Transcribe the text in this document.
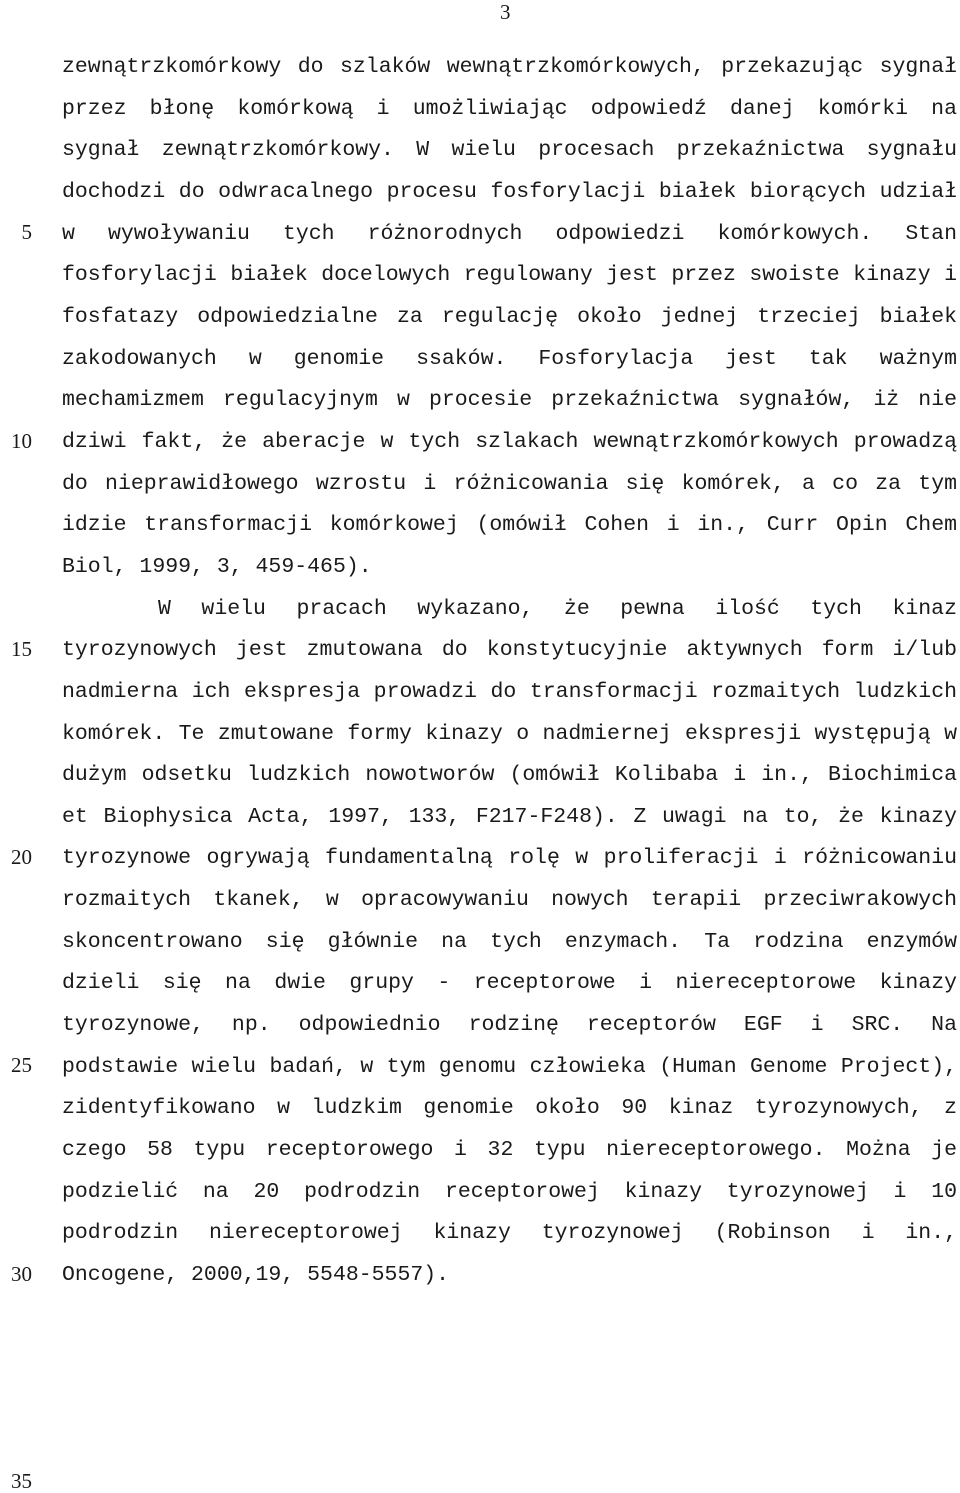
3
5
10
15
20
25
30
35

zewnątrzkomórkowy do szlaków wewnątrzkomórkowych, przekazując sygnał przez błonę komórkową i umożliwiając odpowiedź danej komórki na sygnał zewnątrzkomórkowy. W wielu procesach przekaźnictwa sygnału dochodzi do odwracalnego procesu fosforylacji białek biorących udział w wywoływaniu tych różnorodnych odpowiedzi komórkowych. Stan fosforylacji białek docelowych regulowany jest przez swoiste kinazy i fosfatazy odpowiedzialne za regulację około jednej trzeciej białek zakodowanych w genomie ssaków. Fosforylacja jest tak ważnym mechamizmem regulacyjnym w procesie przekaźnictwa sygnałów, iż nie dziwi fakt, że aberacje w tych szlakach wewnątrzkomórkowych prowadzą do nieprawidłowego wzrostu i różnicowania się komórek, a co za tym idzie transformacji komórkowej (omówił Cohen i in., Curr Opin Chem Biol, 1999, 3, 459-465).

W wielu pracach wykazano, że pewna ilość tych kinaz tyrozynowych jest zmutowana do konstytucyjnie aktywnych form i/lub nadmierna ich ekspresja prowadzi do transformacji rozmaitych ludzkich komórek. Te zmutowane formy kinazy o nadmiernej ekspresji występują w dużym odsetku ludzkich nowotworów (omówił Kolibaba i in., Biochimica et Biophysica Acta, 1997, 133, F217-F248). Z uwagi na to, że kinazy tyrozynowe ogrywają fundamentalną rolę w proliferacji i różnicowaniu rozmaitych tkanek, w opracowywaniu nowych terapii przeciwrakowych skoncentrowano się głównie na tych enzymach. Ta rodzina enzymów dzieli się na dwie grupy - receptorowe i niereceptorowe kinazy tyrozynowe, np. odpowiednio rodzinę receptorów EGF i SRC. Na podstawie wielu badań, w tym genomu człowieka (Human Genome Project), zidentyfikowano w ludzkim genomie około 90 kinaz tyrozynowych, z czego 58 typu receptorowego i 32 typu niereceptorowego. Można je podzielić na 20 podrodzin receptorowej kinazy tyrozynowej i 10 podrodzin niereceptorowej kinazy tyrozynowej (Robinson i in., Oncogene, 2000,19, 5548-5557).
